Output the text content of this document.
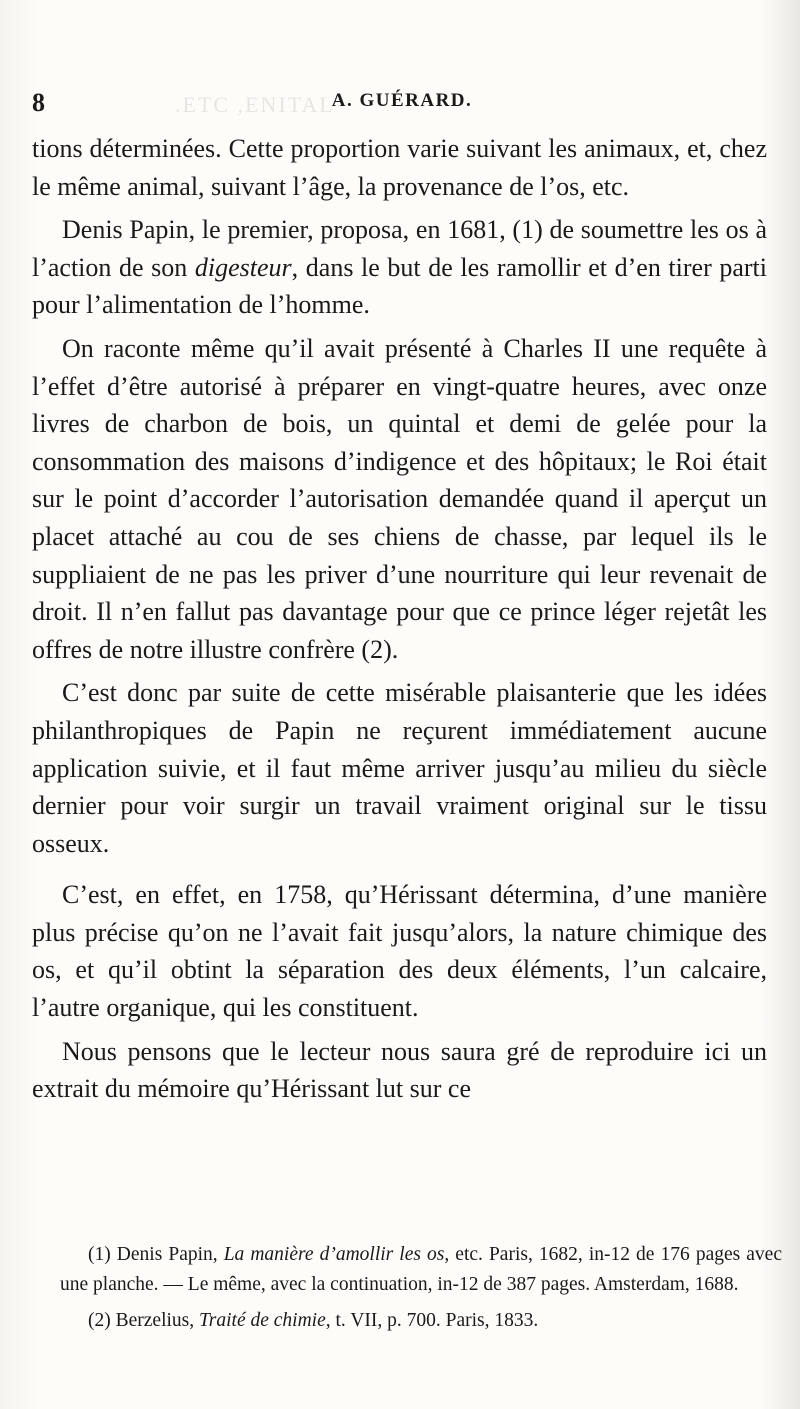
.ETC ,ENITAL
8	A. GUÉRARD.

tions déterminées. Cette proportion varie suivant les animaux, et, chez le même animal, suivant l’âge, la provenance de l’os, etc.

Denis Papin, le premier, proposa, en 1681, (1) de soumettre les os à l’action de son digesteur, dans le but de les ramollir et d’en tirer parti pour l’alimentation de l’homme.

On raconte même qu’il avait présenté à Charles II une requête à l’effet d’être autorisé à préparer en vingt-quatre heures, avec onze livres de charbon de bois, un quintal et demi de gelée pour la consommation des maisons d’indigence et des hôpitaux; le Roi était sur le point d’accorder l’autorisation demandée quand il aperçut un placet attaché au cou de ses chiens de chasse, par lequel ils le suppliaient de ne pas les priver d’une nourriture qui leur revenait de droit. Il n’en fallut pas davantage pour que ce prince léger rejetât les offres de notre illustre confrère (2).

C’est donc par suite de cette misérable plaisanterie que les idées philanthropiques de Papin ne reçurent immédiatement aucune application suivie, et il faut même arriver jusqu’au milieu du siècle dernier pour voir surgir un travail vraiment original sur le tissu osseux.

C’est, en effet, en 1758, qu’Hérissant détermina, d’une manière plus précise qu’on ne l’avait fait jusqu’alors, la nature chimique des os, et qu’il obtint la séparation des deux éléments, l’un calcaire, l’autre organique, qui les constituent.

Nous pensons que le lecteur nous saura gré de reproduire ici un extrait du mémoire qu’Hérissant lut sur ce

(1) Denis Papin, La manière d’amollir les os, etc. Paris, 1682, in-12 de 176 pages avec une planche. — Le même, avec la continuation, in-12 de 387 pages. Amsterdam, 1688.

(2) Berzelius, Traité de chimie, t. VII, p. 700. Paris, 1833.
